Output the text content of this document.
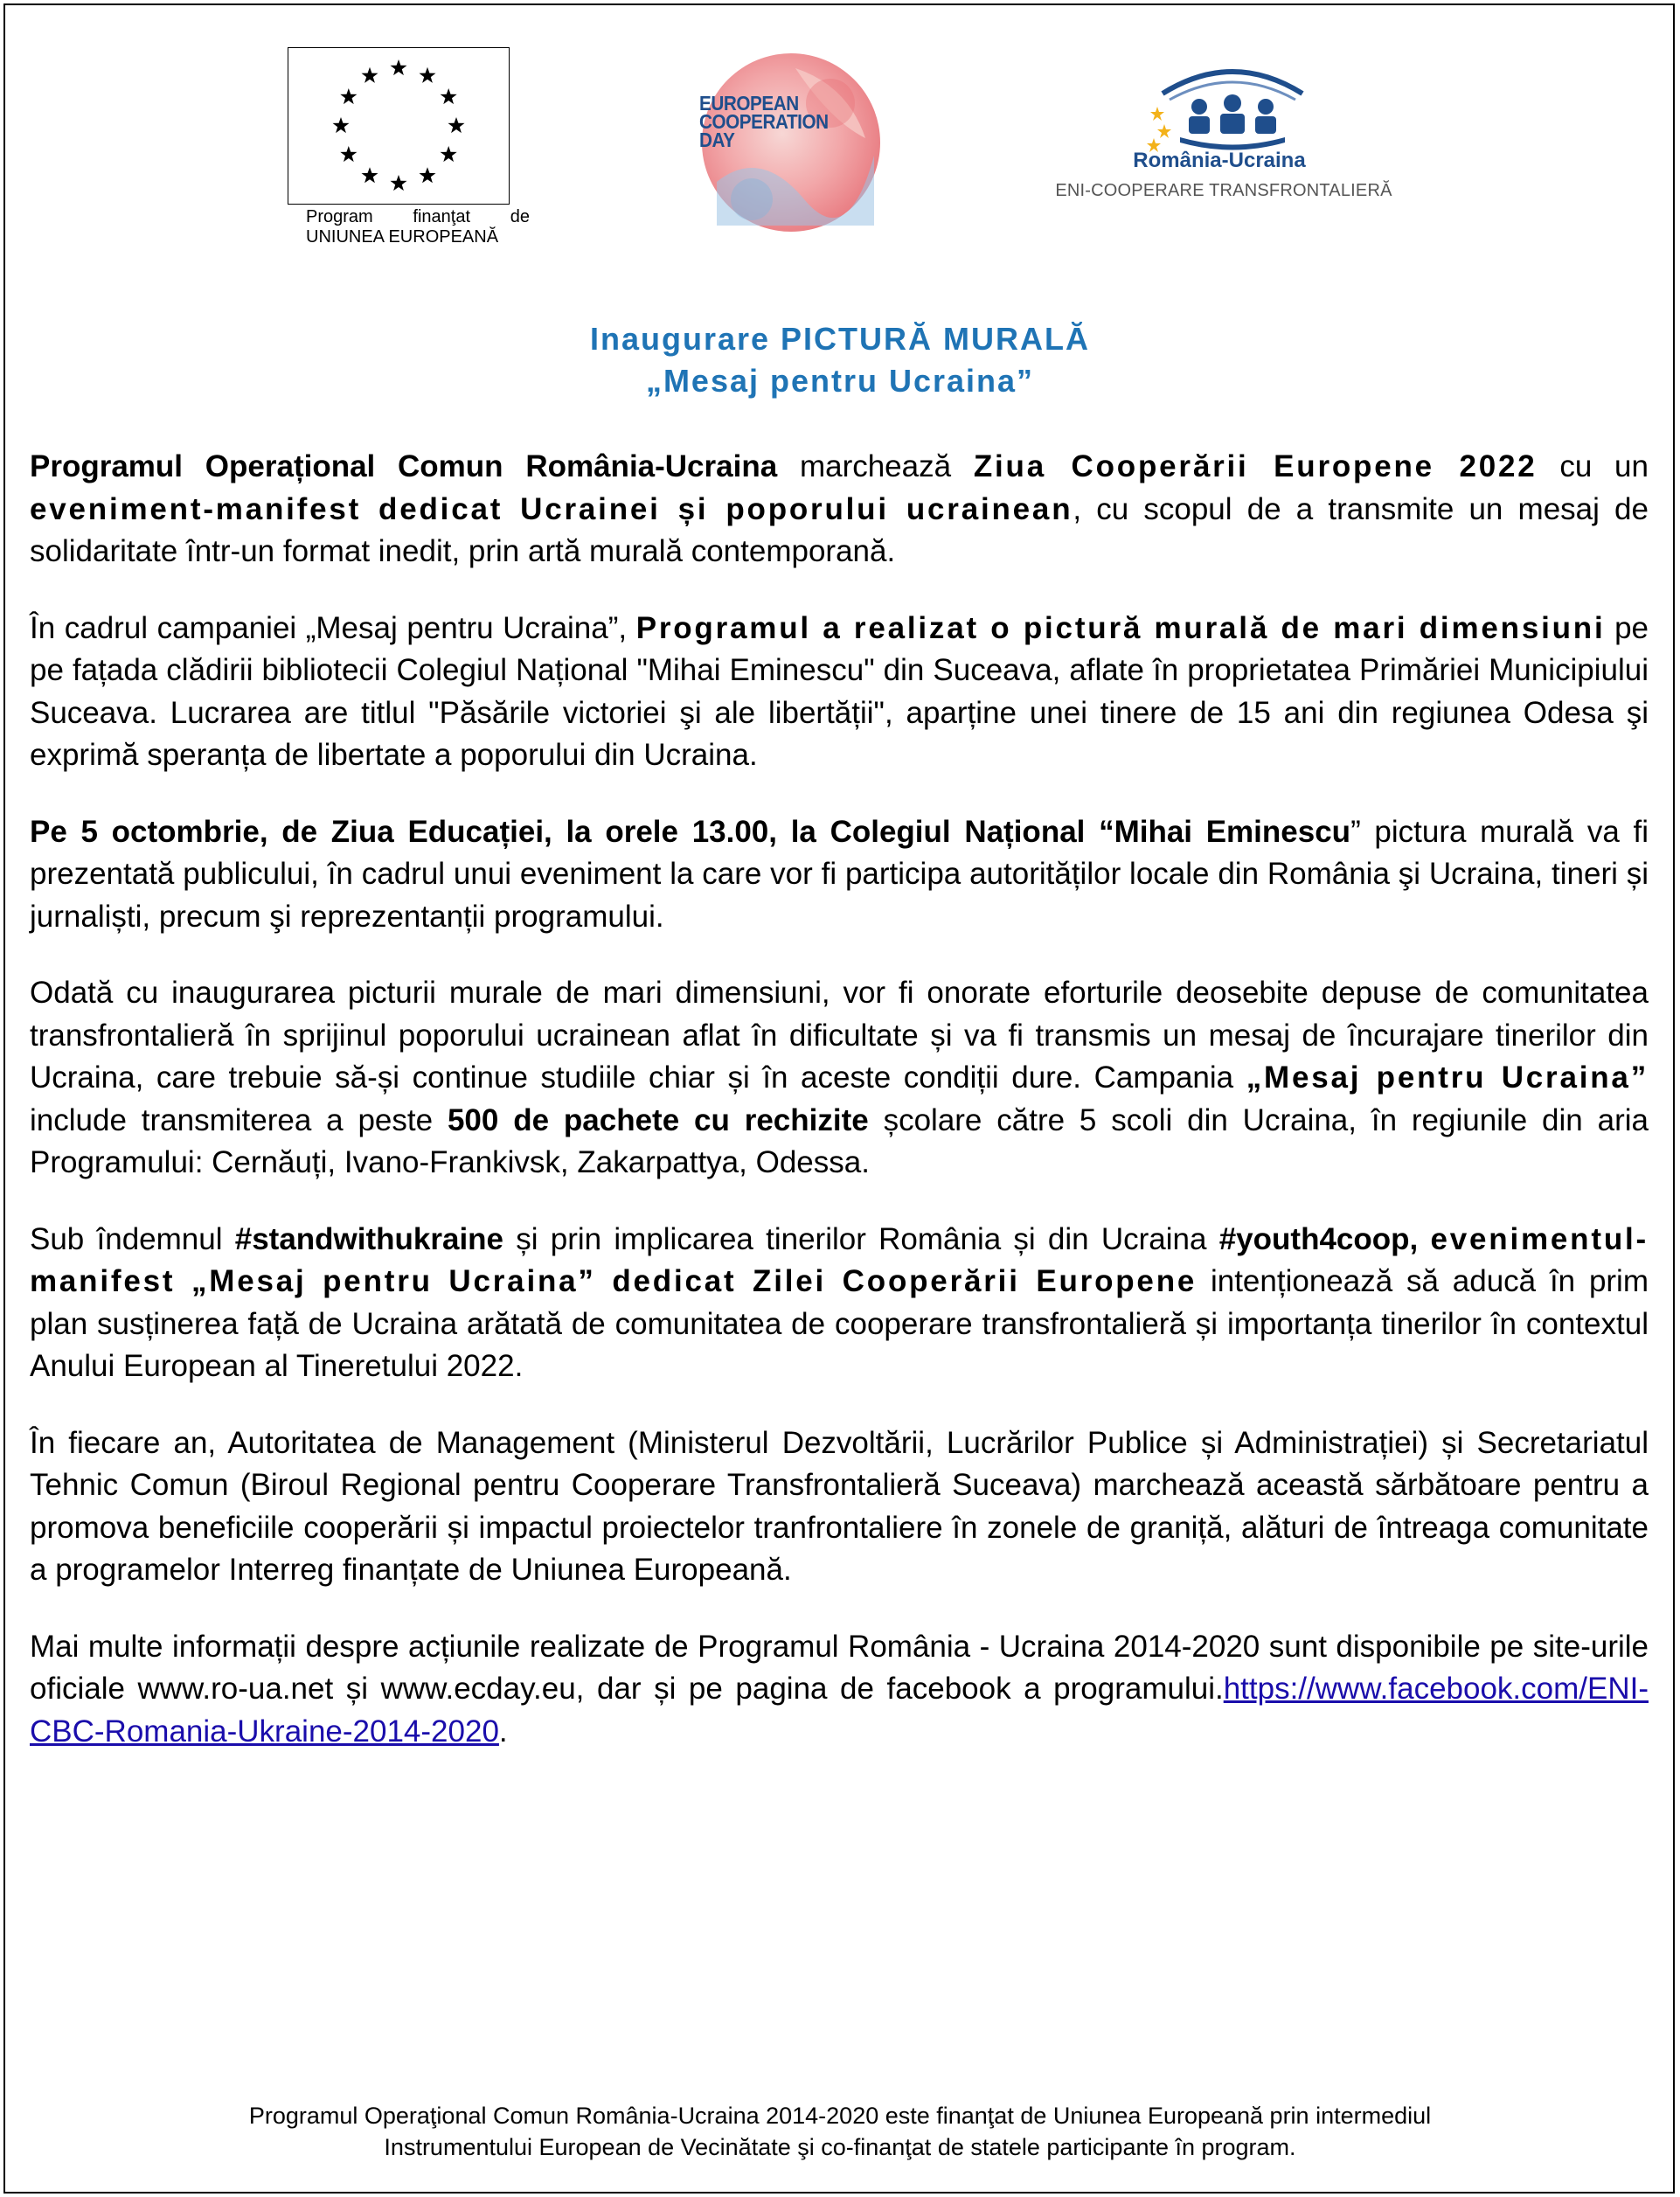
Program finanţat de
UNIUNEA EUROPEANĂ
EUROPEAN
COOPERATION
DAY
România-Ucraina
ENI-COOPERARE TRANSFRONTALIERĂ
Inaugurare PICTURĂ MURALĂ
„Mesaj pentru Ucraina”

Programul Operațional Comun România-Ucraina marchează Ziua Cooperării Europene 2022 cu un eveniment-manifest dedicat Ucrainei și poporului ucrainean, cu scopul de a transmite un mesaj de solidaritate într-un format inedit, prin artă murală contemporană.

În cadrul campaniei „Mesaj pentru Ucraina”, Programul a realizat o pictură murală de mari dimensiuni pe pe fațada clădirii bibliotecii Colegiul Național "Mihai Eminescu" din Suceava, aflate în proprietatea Primăriei Municipiului Suceava. Lucrarea are titlul "Păsările victoriei şi ale libertății", aparține unei tinere de 15 ani din regiunea Odesa şi exprimă speranța de libertate a poporului din Ucraina.

Pe 5 octombrie, de Ziua Educației, la orele 13.00, la Colegiul Național “Mihai Eminescu” pictura murală va fi prezentată publicului, în cadrul unui eveniment la care vor fi participa autorităților locale din România şi Ucraina, tineri și jurnaliști, precum şi reprezentanții programului.

Odată cu inaugurarea picturii murale de mari dimensiuni, vor fi onorate eforturile deosebite depuse de comunitatea transfrontalieră în sprijinul poporului ucrainean aflat în dificultate și va fi transmis un mesaj de încurajare tinerilor din Ucraina, care trebuie să-și continue studiile chiar și în aceste condiții dure. Campania „Mesaj pentru Ucraina” include transmiterea a peste 500 de pachete cu rechizite școlare către 5 scoli din Ucraina, în regiunile din aria Programului: Cernăuți, Ivano-Frankivsk, Zakarpattya, Odessa.

Sub îndemnul #standwithukraine și prin implicarea tinerilor România și din Ucraina #youth4coop, evenimentul-manifest „Mesaj pentru Ucraina” dedicat Zilei Cooperării Europene intenționează să aducă în prim plan susținerea față de Ucraina arătată de comunitatea de cooperare transfrontalieră și importanța tinerilor în contextul Anului European al Tineretului 2022.

În fiecare an, Autoritatea de Management (Ministerul Dezvoltării, Lucrărilor Publice și Administrației) și Secretariatul Tehnic Comun (Biroul Regional pentru Cooperare Transfrontalieră Suceava) marchează această sărbătoare pentru a promova beneficiile cooperării și impactul proiectelor tranfrontaliere în zonele de graniță, alături de întreaga comunitate a programelor Interreg finanțate de Uniunea Europeană.

Mai multe informații despre acțiunile realizate de Programul România - Ucraina 2014-2020 sunt disponibile pe site-urile oficiale www.ro-ua.net și www.ecday.eu, dar și pe pagina de facebook a programului.https://www.facebook.com/ENI-CBC-Romania-Ukraine-2014-2020.

Programul Operaţional Comun România-Ucraina 2014-2020 este finanţat de Uniunea Europeană prin intermediul
Instrumentului European de Vecinătate şi co-finanţat de statele participante în program.
